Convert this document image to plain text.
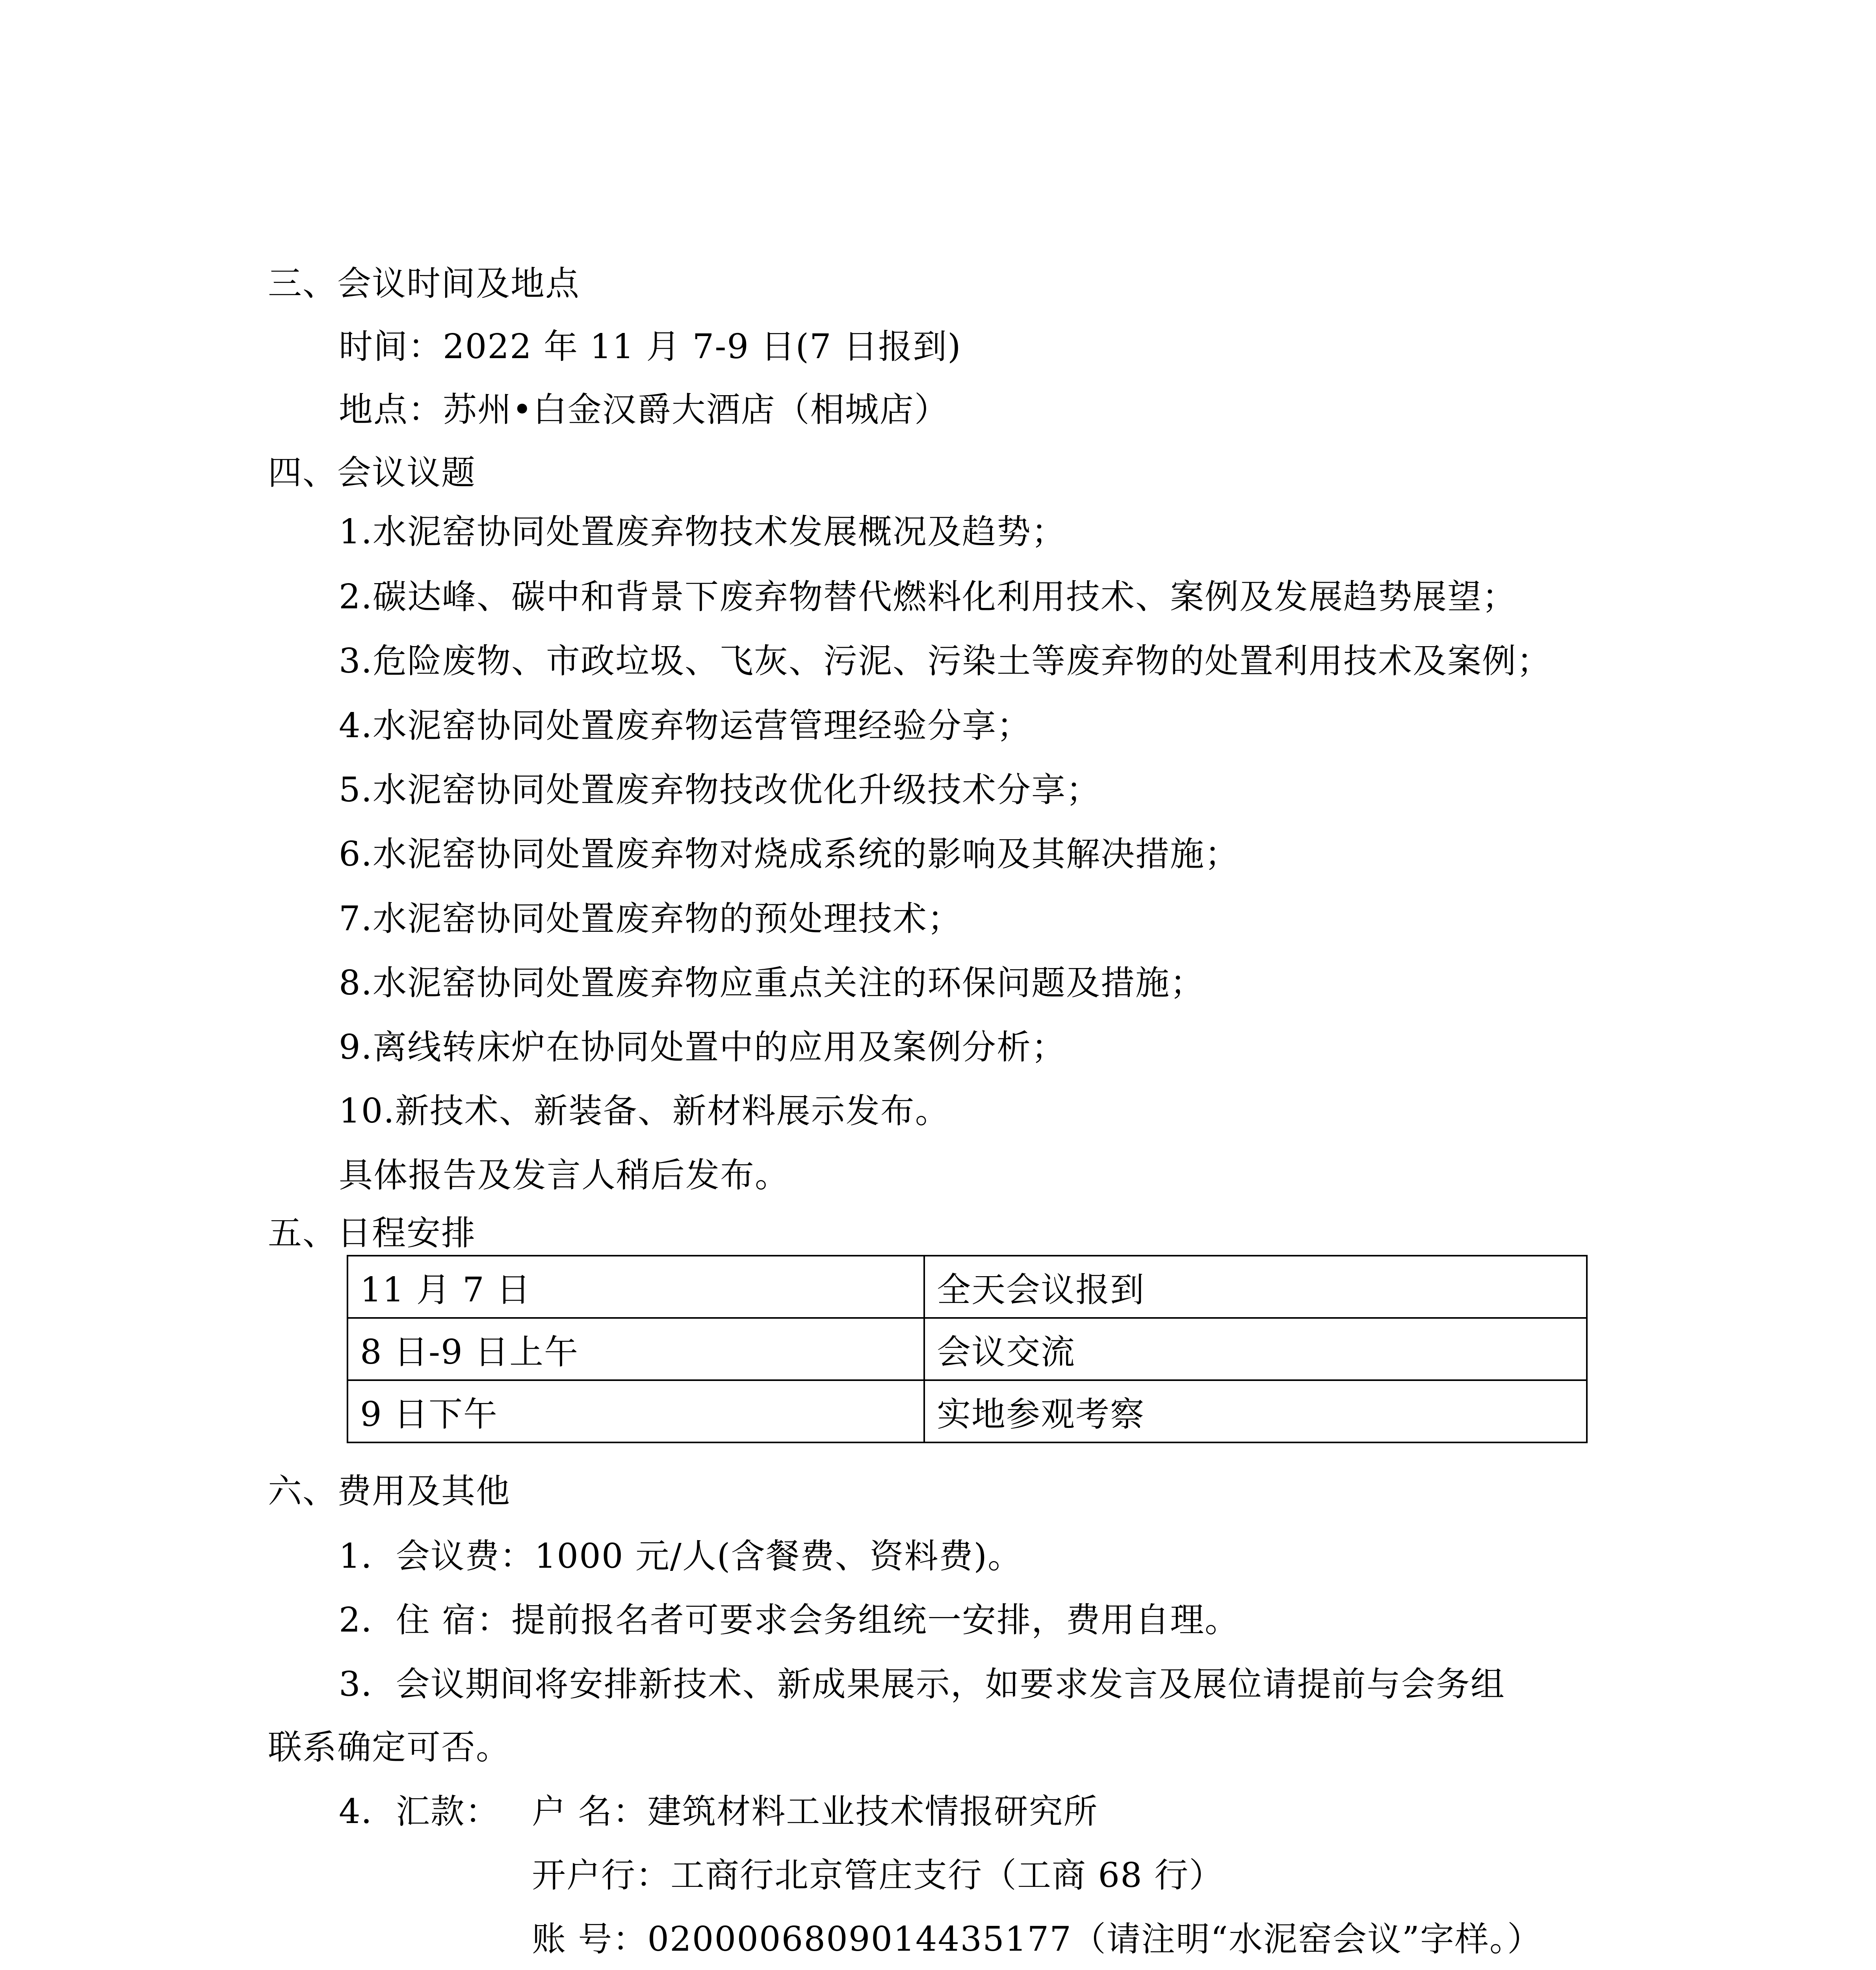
三、会议时间及地点
时间：2022 年 11 月 7-9 日(7 日报到)
地点：苏州•白金汉爵大酒店（相城店）
四、会议议题
1.水泥窑协同处置废弃物技术发展概况及趋势；
2.碳达峰、碳中和背景下废弃物替代燃料化利用技术、案例及发展趋势展望；
3.危险废物、市政垃圾、飞灰、污泥、污染土等废弃物的处置利用技术及案例；
4.水泥窑协同处置废弃物运营管理经验分享；
5.水泥窑协同处置废弃物技改优化升级技术分享；
6.水泥窑协同处置废弃物对烧成系统的影响及其解决措施；
7.水泥窑协同处置废弃物的预处理技术；
8.水泥窑协同处置废弃物应重点关注的环保问题及措施；
9.离线转床炉在协同处置中的应用及案例分析；
10.新技术、新装备、新材料展示发布。
具体报告及发言人稍后发布。
五、日程安排
11 月 7 日	全天会议报到
8 日-9 日上午	会议交流
9 日下午	实地参观考察
六、费用及其他
1．会议费：1000 元/人(含餐费、资料费)。
2．住 宿：提前报名者可要求会务组统一安排，费用自理。
3．会议期间将安排新技术、新成果展示，如要求发言及展位请提前与会务组
联系确定可否。
4．汇款： 户 名：建筑材料工业技术情报研究所
开户行：工商行北京管庄支行（工商 68 行）
账 号：0200006809014435177（请注明“水泥窑会议”字样。）
